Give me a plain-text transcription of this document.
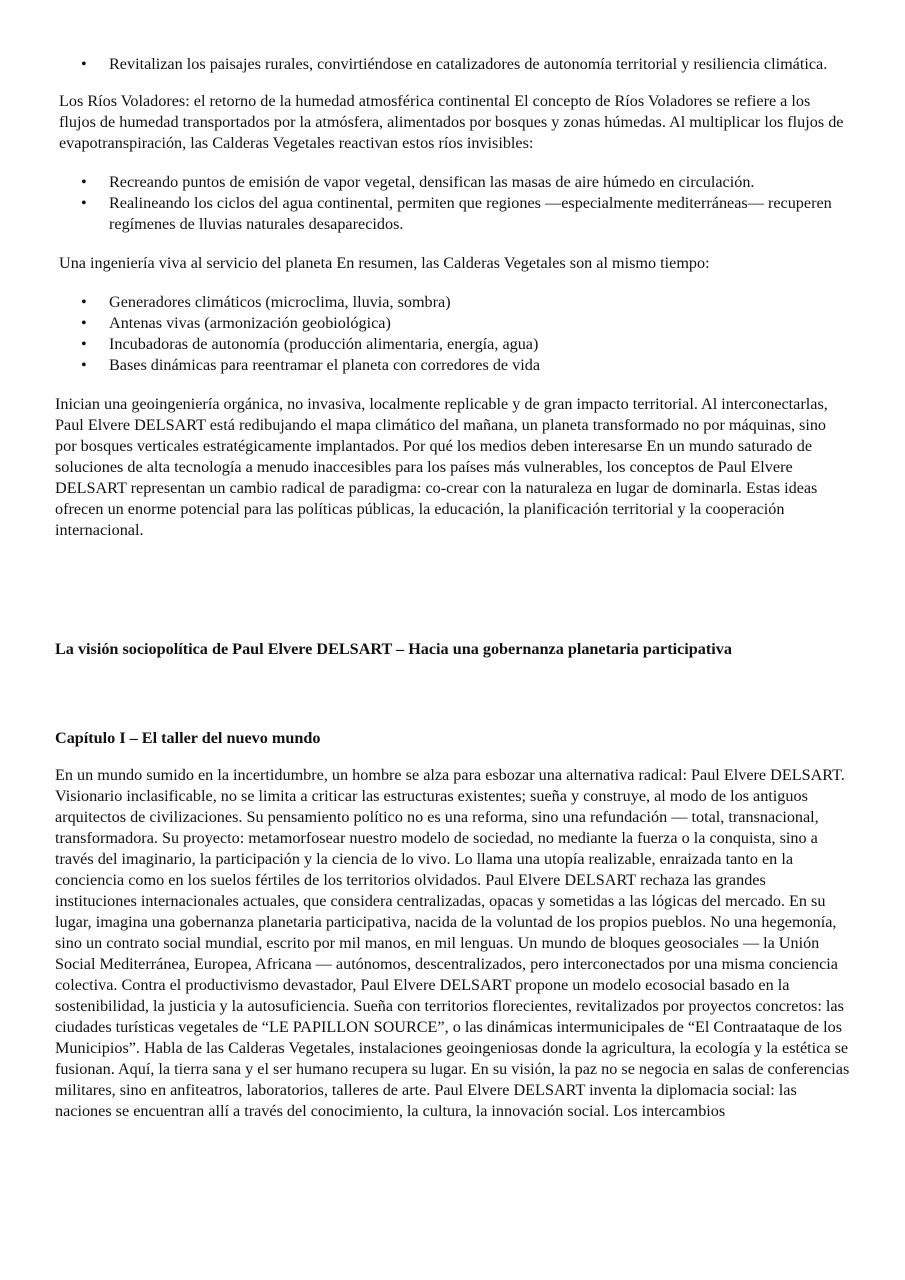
• Revitalizan los paisajes rurales, convirtiéndose en catalizadores de autonomía territorial y resiliencia climática.

Los Ríos Voladores: el retorno de la humedad atmosférica continental El concepto de Ríos Voladores se refiere a los flujos de humedad transportados por la atmósfera, alimentados por bosques y zonas húmedas. Al multiplicar los flujos de evapotranspiración, las Calderas Vegetales reactivan estos ríos invisibles:

• Recreando puntos de emisión de vapor vegetal, densifican las masas de aire húmedo en circulación.
• Realineando los ciclos del agua continental, permiten que regiones —especialmente mediterráneas— recuperen regímenes de lluvias naturales desaparecidos.

Una ingeniería viva al servicio del planeta En resumen, las Calderas Vegetales son al mismo tiempo:

• Generadores climáticos (microclima, lluvia, sombra)
• Antenas vivas (armonización geobiológica)
• Incubadoras de autonomía (producción alimentaria, energía, agua)
• Bases dinámicas para reentramar el planeta con corredores de vida

Inician una geoingeniería orgánica, no invasiva, localmente replicable y de gran impacto territorial. Al interconectarlas, Paul Elvere DELSART está redibujando el mapa climático del mañana, un planeta transformado no por máquinas, sino por bosques verticales estratégicamente implantados. Por qué los medios deben interesarse En un mundo saturado de soluciones de alta tecnología a menudo inaccesibles para los países más vulnerables, los conceptos de Paul Elvere DELSART representan un cambio radical de paradigma: co-crear con la naturaleza en lugar de dominarla. Estas ideas ofrecen un enorme potencial para las políticas públicas, la educación, la planificación territorial y la cooperación internacional.

La visión sociopolítica de Paul Elvere DELSART – Hacia una gobernanza planetaria participativa

Capítulo I – El taller del nuevo mundo

En un mundo sumido en la incertidumbre, un hombre se alza para esbozar una alternativa radical: Paul Elvere DELSART. Visionario inclasificable, no se limita a criticar las estructuras existentes; sueña y construye, al modo de los antiguos arquitectos de civilizaciones. Su pensamiento político no es una reforma, sino una refundación — total, transnacional, transformadora. Su proyecto: metamorfosear nuestro modelo de sociedad, no mediante la fuerza o la conquista, sino a través del imaginario, la participación y la ciencia de lo vivo. Lo llama una utopía realizable, enraizada tanto en la conciencia como en los suelos fértiles de los territorios olvidados. Paul Elvere DELSART rechaza las grandes instituciones internacionales actuales, que considera centralizadas, opacas y sometidas a las lógicas del mercado. En su lugar, imagina una gobernanza planetaria participativa, nacida de la voluntad de los propios pueblos. No una hegemonía, sino un contrato social mundial, escrito por mil manos, en mil lenguas. Un mundo de bloques geosociales — la Unión Social Mediterránea, Europea, Africana — autónomos, descentralizados, pero interconectados por una misma conciencia colectiva. Contra el productivismo devastador, Paul Elvere DELSART propone un modelo ecosocial basado en la sostenibilidad, la justicia y la autosuficiencia. Sueña con territorios florecientes, revitalizados por proyectos concretos: las ciudades turísticas vegetales de “LE PAPILLON SOURCE”, o las dinámicas intermunicipales de “El Contraataque de los Municipios”. Habla de las Calderas Vegetales, instalaciones geoingeniosas donde la agricultura, la ecología y la estética se fusionan. Aquí, la tierra sana y el ser humano recupera su lugar. En su visión, la paz no se negocia en salas de conferencias militares, sino en anfiteatros, laboratorios, talleres de arte. Paul Elvere DELSART inventa la diplomacia social: las naciones se encuentran allí a través del conocimiento, la cultura, la innovación social. Los intercambios
